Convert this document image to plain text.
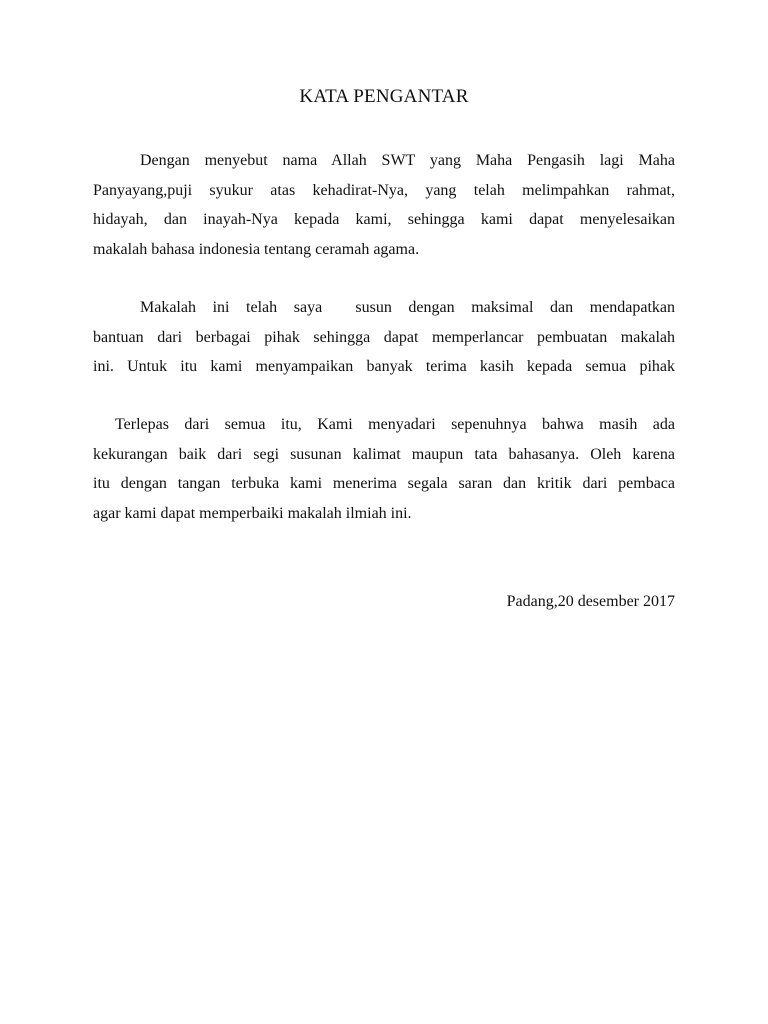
KATA PENGANTAR

Dengan menyebut nama Allah SWT yang Maha Pengasih lagi Maha
Panyayang,puji syukur atas kehadirat-Nya, yang telah melimpahkan rahmat,
hidayah, dan inayah-Nya kepada kami, sehingga kami dapat menyelesaikan
makalah bahasa indonesia tentang ceramah agama.

Makalah ini telah saya  susun dengan maksimal dan mendapatkan
bantuan dari berbagai pihak sehingga dapat memperlancar pembuatan makalah
ini. Untuk itu kami menyampaikan banyak terima kasih kepada semua pihak

Terlepas dari semua itu, Kami menyadari sepenuhnya bahwa masih ada
kekurangan baik dari segi susunan kalimat maupun tata bahasanya. Oleh karena
itu dengan tangan terbuka kami menerima segala saran dan kritik dari pembaca
agar kami dapat memperbaiki makalah ilmiah ini.

Padang,20 desember 2017
